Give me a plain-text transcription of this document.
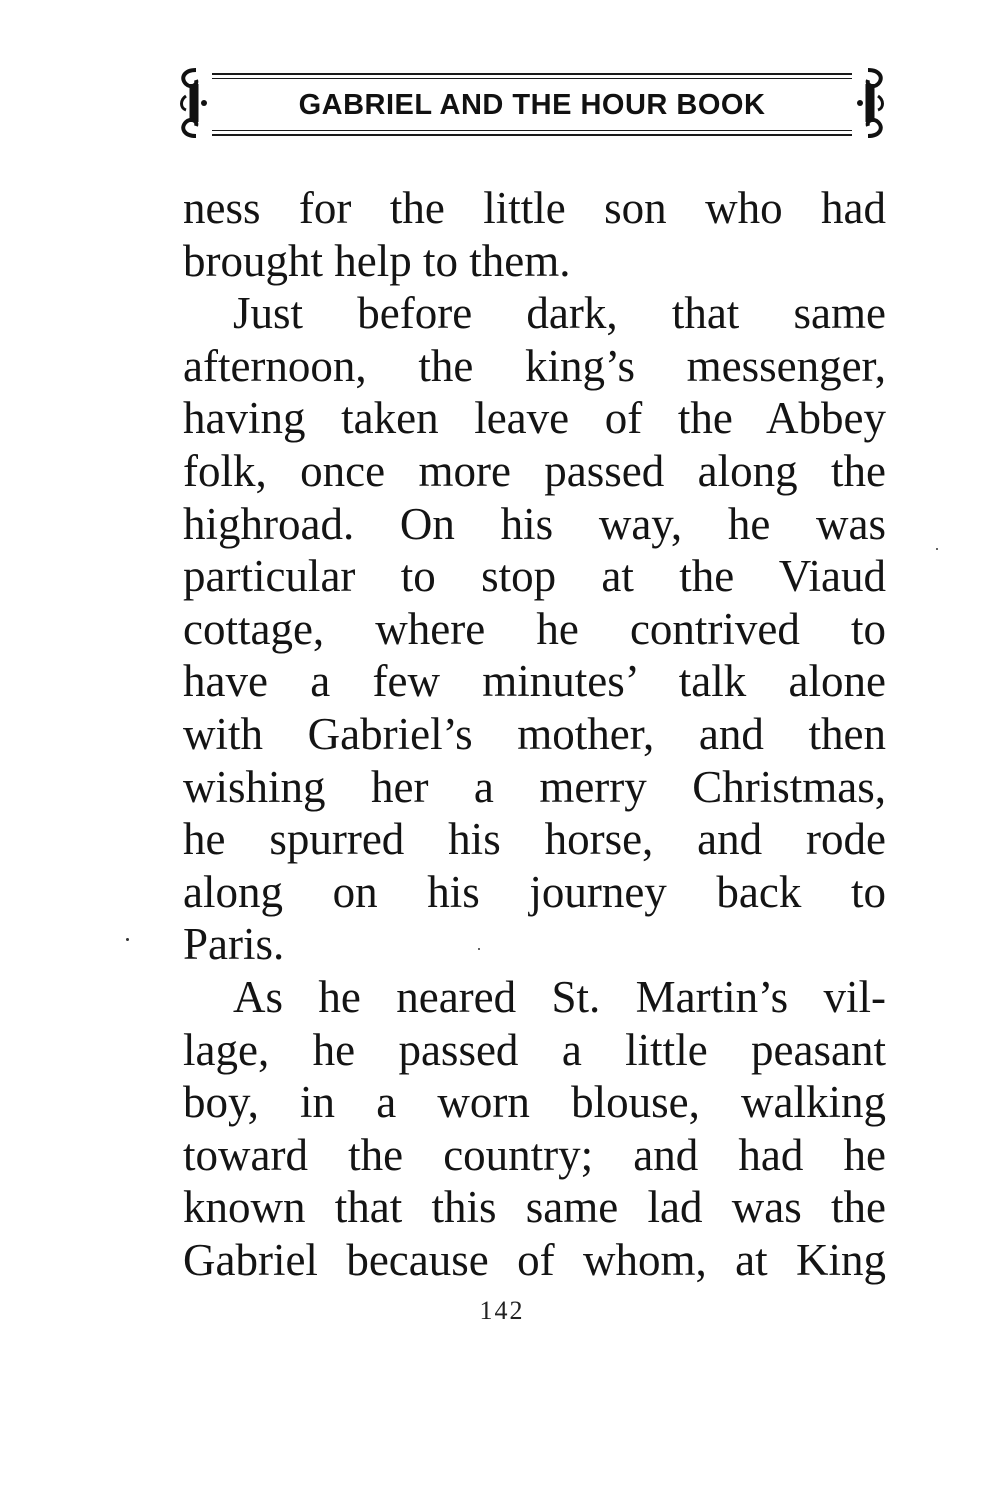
GABRIEL AND THE HOUR BOOK
ness for the little son who had
brought help to them.
Just before dark, that same
afternoon, the king’s messenger,
having taken leave of the Abbey
folk, once more passed along the
highroad. On his way, he was
particular to stop at the Viaud
cottage, where he contrived to
have a few minutes’ talk alone
with Gabriel’s mother, and then
wishing her a merry Christmas,
he spurred his horse, and rode
along on his journey back to
Paris.
As he neared St. Martin’s vil-
lage, he passed a little peasant
boy, in a worn blouse, walking
toward the country; and had he
known that this same lad was the
Gabriel because of whom, at King
142
